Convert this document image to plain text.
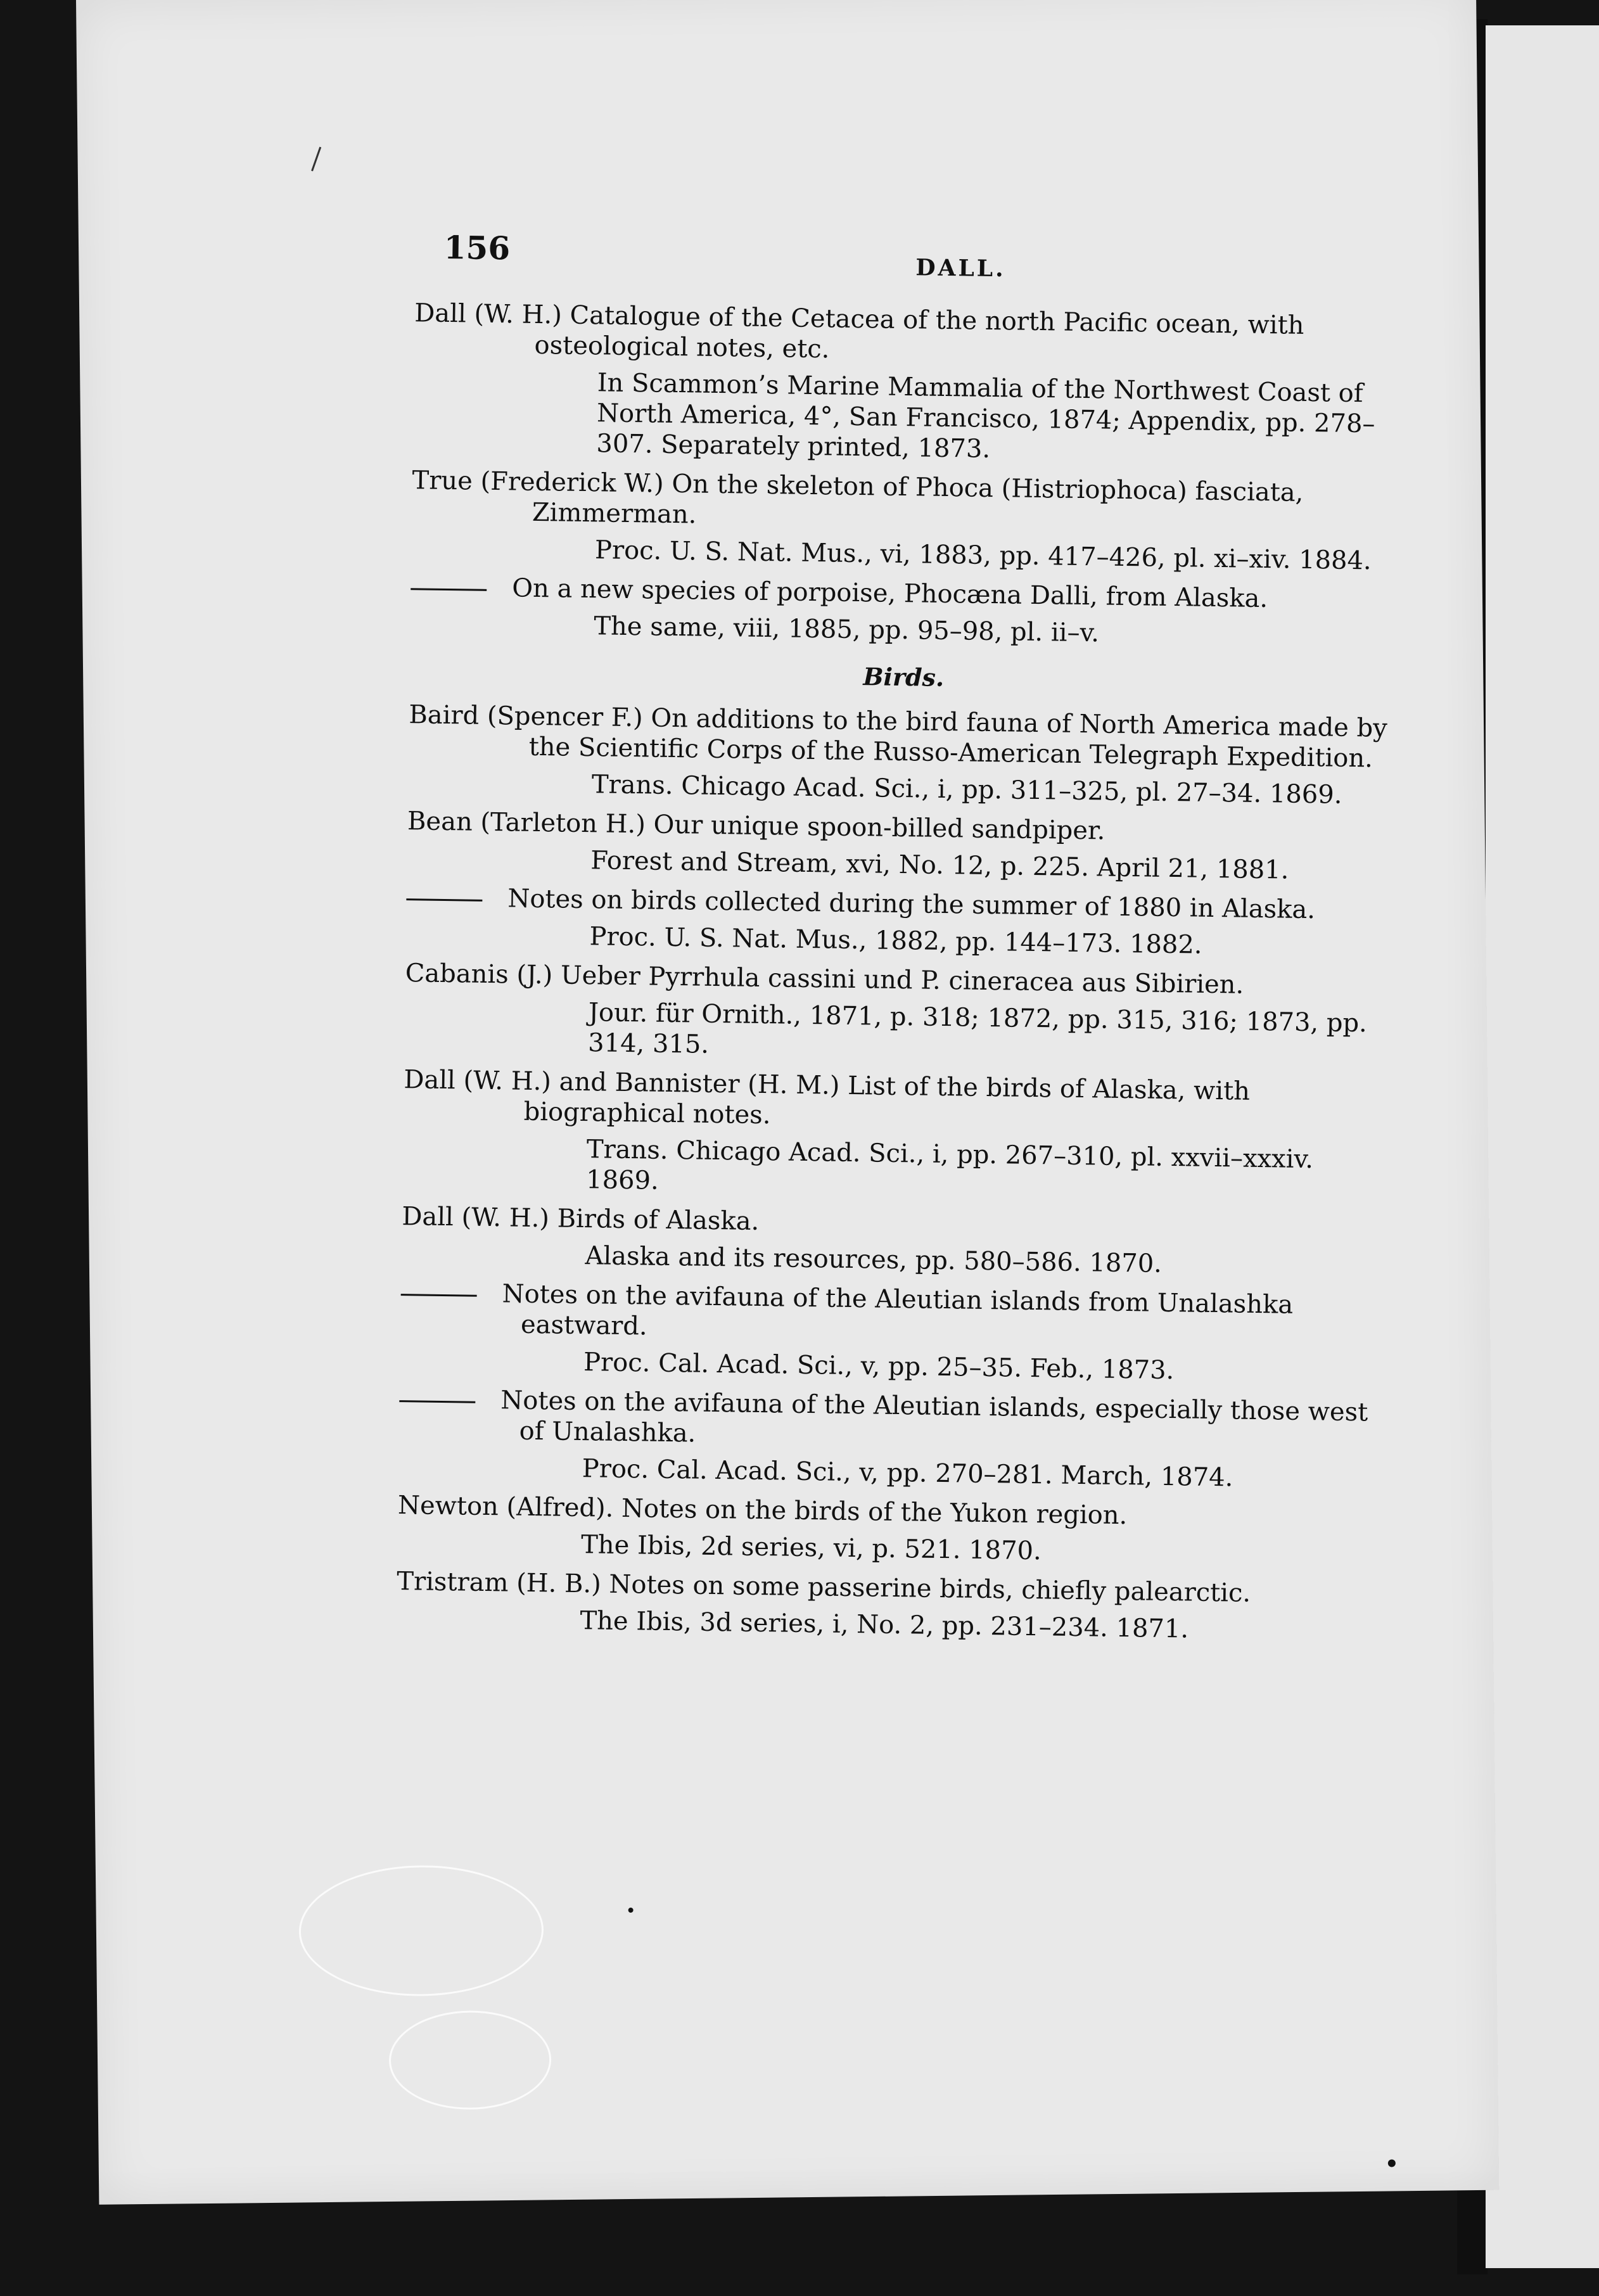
156
DALL.

Dall (W. H.) Catalogue of the Cetacea of the north Pacific ocean, with osteological notes, etc.

In Scammon’s Marine Mammalia of the Northwest Coast of North America, 4°, San Francisco, 1874; Appendix, pp. 278–307. Separately printed, 1873.

True (Frederick W.) On the skeleton of Phoca (Histriophoca) fasciata, Zimmerman.

Proc. U. S. Nat. Mus., vi, 1883, pp. 417–426, pl. xi–xiv. 1884.

On a new species of porpoise, Phocæna Dalli, from Alaska.

The same, viii, 1885, pp. 95–98, pl. ii–v.

Birds.

Baird (Spencer F.) On additions to the bird fauna of North America made by the Scientific Corps of the Russo-American Telegraph Expedition.

Trans. Chicago Acad. Sci., i, pp. 311–325, pl. 27–34. 1869.

Bean (Tarleton H.) Our unique spoon-billed sandpiper.

Forest and Stream, xvi, No. 12, p. 225. April 21, 1881.

Notes on birds collected during the summer of 1880 in Alaska.

Proc. U. S. Nat. Mus., 1882, pp. 144–173. 1882.

Cabanis (J.) Ueber Pyrrhula cassini und P. cineracea aus Sibirien.

Jour. für Ornith., 1871, p. 318; 1872, pp. 315, 316; 1873, pp. 314, 315.

Dall (W. H.) and Bannister (H. M.) List of the birds of Alaska, with biographical notes.

Trans. Chicago Acad. Sci., i, pp. 267–310, pl. xxvii–xxxiv. 1869.

Dall (W. H.) Birds of Alaska.

Alaska and its resources, pp. 580–586. 1870.

Notes on the avifauna of the Aleutian islands from Unalashka eastward.

Proc. Cal. Acad. Sci., v, pp. 25–35. Feb., 1873.

Notes on the avifauna of the Aleutian islands, especially those west of Unalashka.

Proc. Cal. Acad. Sci., v, pp. 270–281. March, 1874.

Newton (Alfred). Notes on the birds of the Yukon region.

The Ibis, 2d series, vi, p. 521. 1870.

Tristram (H. B.) Notes on some passerine birds, chiefly palearctic.

The Ibis, 3d series, i, No. 2, pp. 231–234. 1871.
